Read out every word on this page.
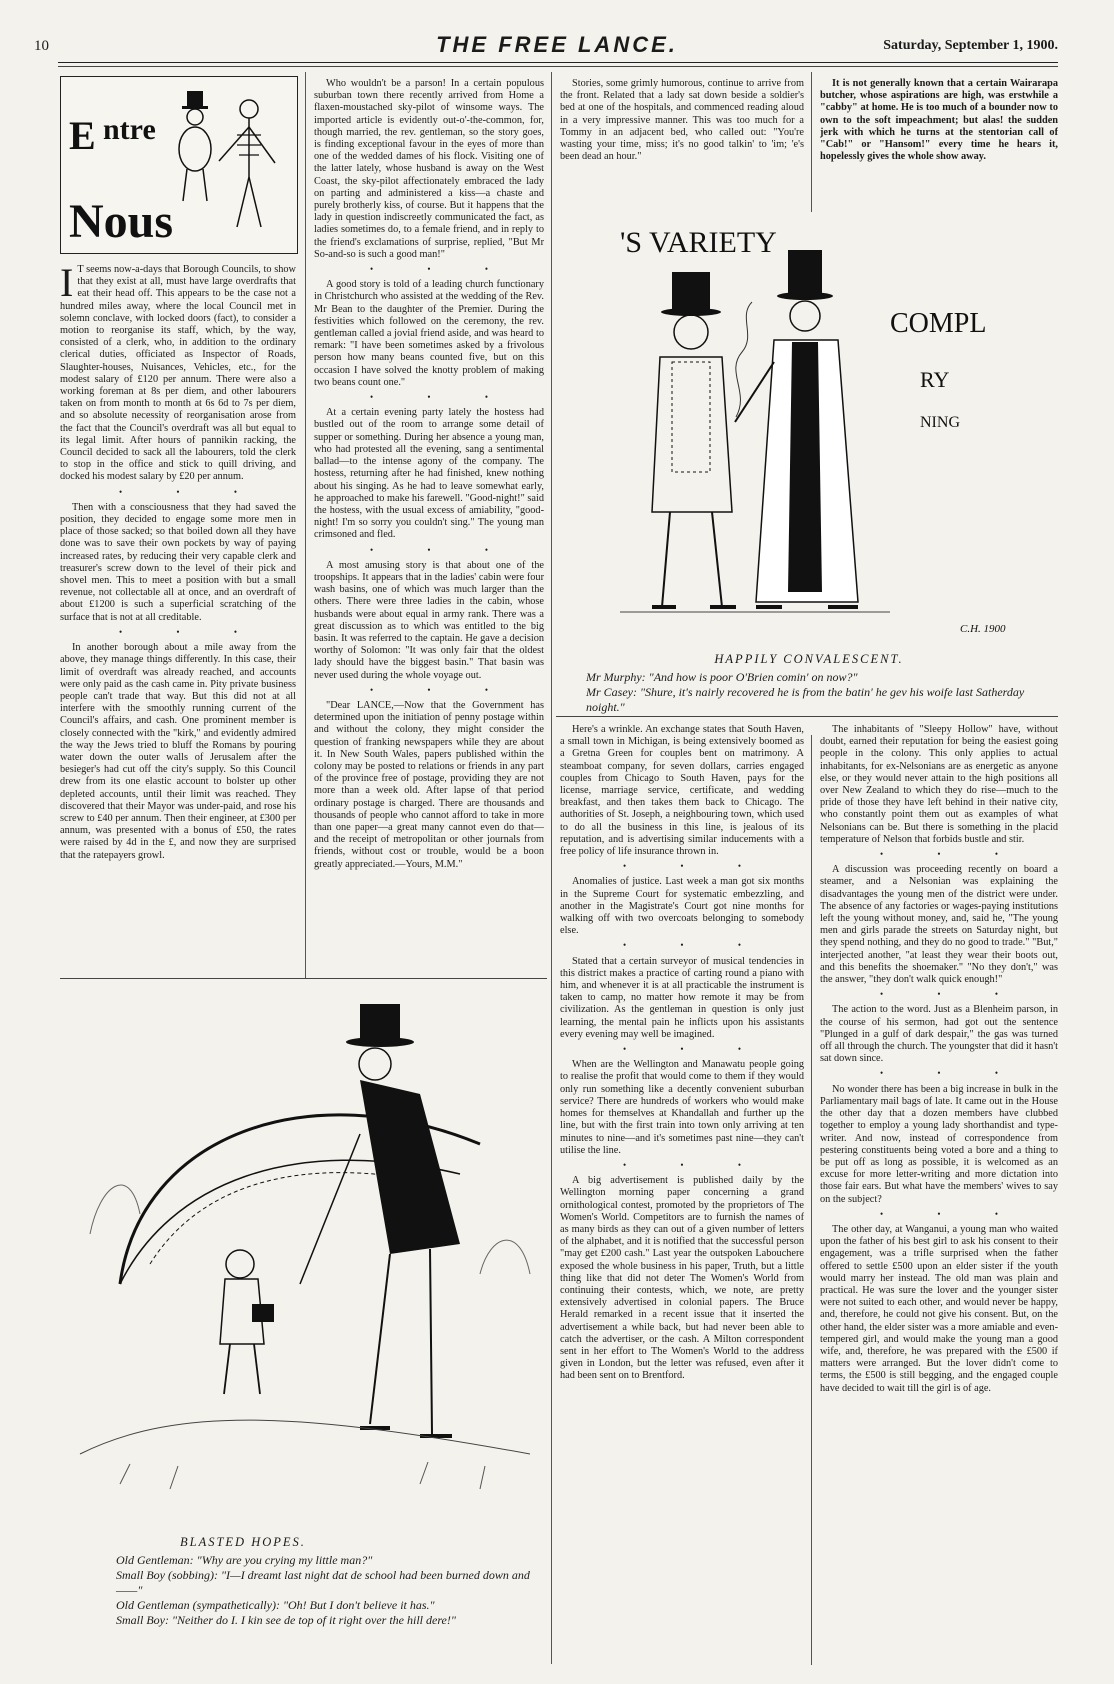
10	THE FREE LANCE.	Saturday, September 1, 1900.
E ntre
Nous

I T seems now-a-days that Borough Councils, to show that they exist at all, must have large overdrafts that eat their head off. This appears to be the case not a hundred miles away, where the local Council met in solemn conclave, with locked doors (fact), to consider a motion to reorganise its staff, which, by the way, consisted of a clerk, who, in addition to the ordinary clerical duties, officiated as Inspector of Roads, Slaughter-houses, Nuisances, Vehicles, etc., for the modest salary of £120 per annum. There were also a working foreman at 8s per diem, and other labourers taken on from month to month at 6s 6d to 7s per diem, and so absolute necessity of reorganisation arose from the fact that the Council's overdraft was all but equal to its legal limit. After hours of pannikin racking, the Council decided to sack all the labourers, told the clerk to stop in the office and stick to quill driving, and docked his modest salary by £20 per annum.

• • •

Then with a consciousness that they had saved the position, they decided to engage some more men in place of those sacked; so that boiled down all they have done was to save their own pockets by way of paying increased rates, by reducing their very capable clerk and treasurer's screw down to the level of their pick and shovel men. This to meet a position with but a small revenue, not collectable all at once, and an overdraft of about £1200 is such a superficial scratching of the surface that is not at all creditable.

• • •

In another borough about a mile away from the above, they manage things differently. In this case, their limit of overdraft was already reached, and accounts were only paid as the cash came in. Pity private business people can't trade that way. But this did not at all interfere with the smoothly running current of the Council's affairs, and cash. One prominent member is closely connected with the "kirk," and evidently admired the way the Jews tried to bluff the Romans by pouring water down the outer walls of Jerusalem after the besieger's had cut off the city's supply. So this Council drew from its one elastic account to bolster up other depleted accounts, until their limit was reached. They discovered that their Mayor was under-paid, and rose his screw to £40 per annum. Then their engineer, at £300 per annum, was presented with a bonus of £50, the rates were raised by 4d in the £, and now they are surprised that the ratepayers growl.

Who wouldn't be a parson! In a certain populous suburban town there recently arrived from Home a flaxen-moustached sky-pilot of winsome ways. The imported article is evidently out-o'-the-common, for, though married, the rev. gentleman, so the story goes, is finding exceptional favour in the eyes of more than one of the wedded dames of his flock. Visiting one of the latter lately, whose husband is away on the West Coast, the sky-pilot affectionately embraced the lady on parting and administered a kiss—a chaste and purely brotherly kiss, of course. But it happens that the lady in question indiscreetly communicated the fact, as ladies sometimes do, to a female friend, and in reply to the friend's exclamations of surprise, replied, "But Mr So-and-so is such a good man!"

• • •

A good story is told of a leading church functionary in Christchurch who assisted at the wedding of the Rev. Mr Bean to the daughter of the Premier. During the festivities which followed on the ceremony, the rev. gentleman called a jovial friend aside, and was heard to remark: "I have been sometimes asked by a frivolous person how many beans counted five, but on this occasion I have solved the knotty problem of making two beans count one."

• • •

At a certain evening party lately the hostess had bustled out of the room to arrange some detail of supper or something. During her absence a young man, who had protested all the evening, sang a sentimental ballad—to the intense agony of the company. The hostess, returning after he had finished, knew nothing about his singing. As he had to leave somewhat early, he approached to make his farewell. "Good-night!" said the hostess, with the usual excess of amiability, "good-night! I'm so sorry you couldn't sing." The young man crimsoned and fled.

• • •

A most amusing story is that about one of the troopships. It appears that in the ladies' cabin were four wash basins, one of which was much larger than the others. There were three ladies in the cabin, whose husbands were about equal in army rank. There was a great discussion as to which was entitled to the big basin. It was referred to the captain. He gave a decision worthy of Solomon: "It was only fair that the oldest lady should have the biggest basin." That basin was never used during the whole voyage out.

• • •

"Dear LANCE,—Now that the Government has determined upon the initiation of penny postage within and without the colony, they might consider the question of franking newspapers while they are about it. In New South Wales, papers published within the colony may be posted to relations or friends in any part of the province free of postage, providing they are not more than a week old. After lapse of that period ordinary postage is charged. There are thousands and thousands of people who cannot afford to take in more than one paper—a great many cannot even do that—and the receipt of metropolitan or other journals from friends, without cost or trouble, would be a boon greatly appreciated.—Yours, M.M."

Stories, some grimly humorous, continue to arrive from the front. Related that a lady sat down beside a soldier's bed at one of the hospitals, and commenced reading aloud in a very impressive manner. This was too much for a Tommy in an adjacent bed, who called out: "You're wasting your time, miss; it's no good talkin' to 'im; 'e's been dead an hour."

It is not generally known that a certain Wairarapa butcher, whose aspirations are high, was erstwhile a "cabby" at home. He is too much of a bounder now to own to the soft impeachment; but alas! the sudden jerk with which he turns at the stentorian call of "Cab!" or "Hansom!" every time he hears it, hopelessly gives the whole show away.

'S VARIETY
COMPL
RY
NING
C.H. 1900
HAPPILY CONVALESCENT.
Mr Murphy: "And how is poor O'Brien comin' on now?"
Mr Casey: "Shure, it's nairly recovered he is from the batin' he gev his woife last Satherday noight."

Here's a wrinkle. An exchange states that South Haven, a small town in Michigan, is being extensively boomed as a Gretna Green for couples bent on matrimony. A steamboat company, for seven dollars, carries engaged couples from Chicago to South Haven, pays for the license, marriage service, certificate, and wedding breakfast, and then takes them back to Chicago. The authorities of St. Joseph, a neighbouring town, which used to do all the business in this line, is jealous of its reputation, and is advertising similar inducements with a free policy of life insurance thrown in.

• • •

Anomalies of justice. Last week a man got six months in the Supreme Court for systematic embezzling, and another in the Magistrate's Court got nine months for walking off with two overcoats belonging to somebody else.

• • •

Stated that a certain surveyor of musical tendencies in this district makes a practice of carting round a piano with him, and whenever it is at all practicable the instrument is taken to camp, no matter how remote it may be from civilization. As the gentleman in question is only just learning, the mental pain he inflicts upon his assistants every evening may well be imagined.

• • •

When are the Wellington and Manawatu people going to realise the profit that would come to them if they would only run something like a decently convenient suburban service? There are hundreds of workers who would make homes for themselves at Khandallah and further up the line, but with the first train into town only arriving at ten minutes to nine—and it's sometimes past nine—they can't utilise the line.

• • •

A big advertisement is published daily by the Wellington morning paper concerning a grand ornithological contest, promoted by the proprietors of The Women's World. Competitors are to furnish the names of as many birds as they can out of a given number of letters of the alphabet, and it is notified that the successful person "may get £200 cash." Last year the outspoken Labouchere exposed the whole business in his paper, Truth, but a little thing like that did not deter The Women's World from continuing their contests, which, we note, are pretty extensively advertised in colonial papers. The Bruce Herald remarked in a recent issue that it inserted the advertisement a while back, but had never been able to catch the advertiser, or the cash. A Milton correspondent sent in her effort to The Women's World to the address given in London, but the letter was refused, even after it had been sent on to Brentford.

The inhabitants of "Sleepy Hollow" have, without doubt, earned their reputation for being the easiest going people in the colony. This only applies to actual inhabitants, for ex-Nelsonians are as energetic as anyone else, or they would never attain to the high positions all over New Zealand to which they do rise—much to the pride of those they have left behind in their native city, who constantly point them out as examples of what Nelsonians can be. But there is something in the placid temperature of Nelson that forbids bustle and stir.

• • •

A discussion was proceeding recently on board a steamer, and a Nelsonian was explaining the disadvantages the young men of the district were under. The absence of any factories or wages-paying institutions left the young without money, and, said he, "The young men and girls parade the streets on Saturday night, but they spend nothing, and they do no good to trade." "But," interjected another, "at least they wear their boots out, and this benefits the shoemaker." "No they don't," was the answer, "they don't walk quick enough!"

• • •

The action to the word. Just as a Blenheim parson, in the course of his sermon, had got out the sentence "Plunged in a gulf of dark despair," the gas was turned off all through the church. The youngster that did it hasn't sat down since.

• • •

No wonder there has been a big increase in bulk in the Parliamentary mail bags of late. It came out in the House the other day that a dozen members have clubbed together to employ a young lady shorthandist and type-writer. And now, instead of correspondence from pestering constituents being voted a bore and a thing to be put off as long as possible, it is welcomed as an excuse for more letter-writing and more dictation into those fair ears. But what have the members' wives to say on the subject?

• • •

The other day, at Wanganui, a young man who waited upon the father of his best girl to ask his consent to their engagement, was a trifle surprised when the father offered to settle £500 upon an elder sister if the youth would marry her instead. The old man was plain and practical. He was sure the lover and the younger sister were not suited to each other, and would never be happy, and, therefore, he could not give his consent. But, on the other hand, the elder sister was a more amiable and even-tempered girl, and would make the young man a good wife, and, therefore, he was prepared with the £500 if matters were arranged. But the lover didn't come to terms, the £500 is still begging, and the engaged couple have decided to wait till the girl is of age.

BLASTED HOPES.
Old Gentleman: "Why are you crying my little man?"
Small Boy (sobbing): "I—I dreamt last night dat de school had been burned down and——"
Old Gentleman (sympathetically): "Oh! But I don't believe it has."
Small Boy: "Neither do I. I kin see de top of it right over the hill dere!"
